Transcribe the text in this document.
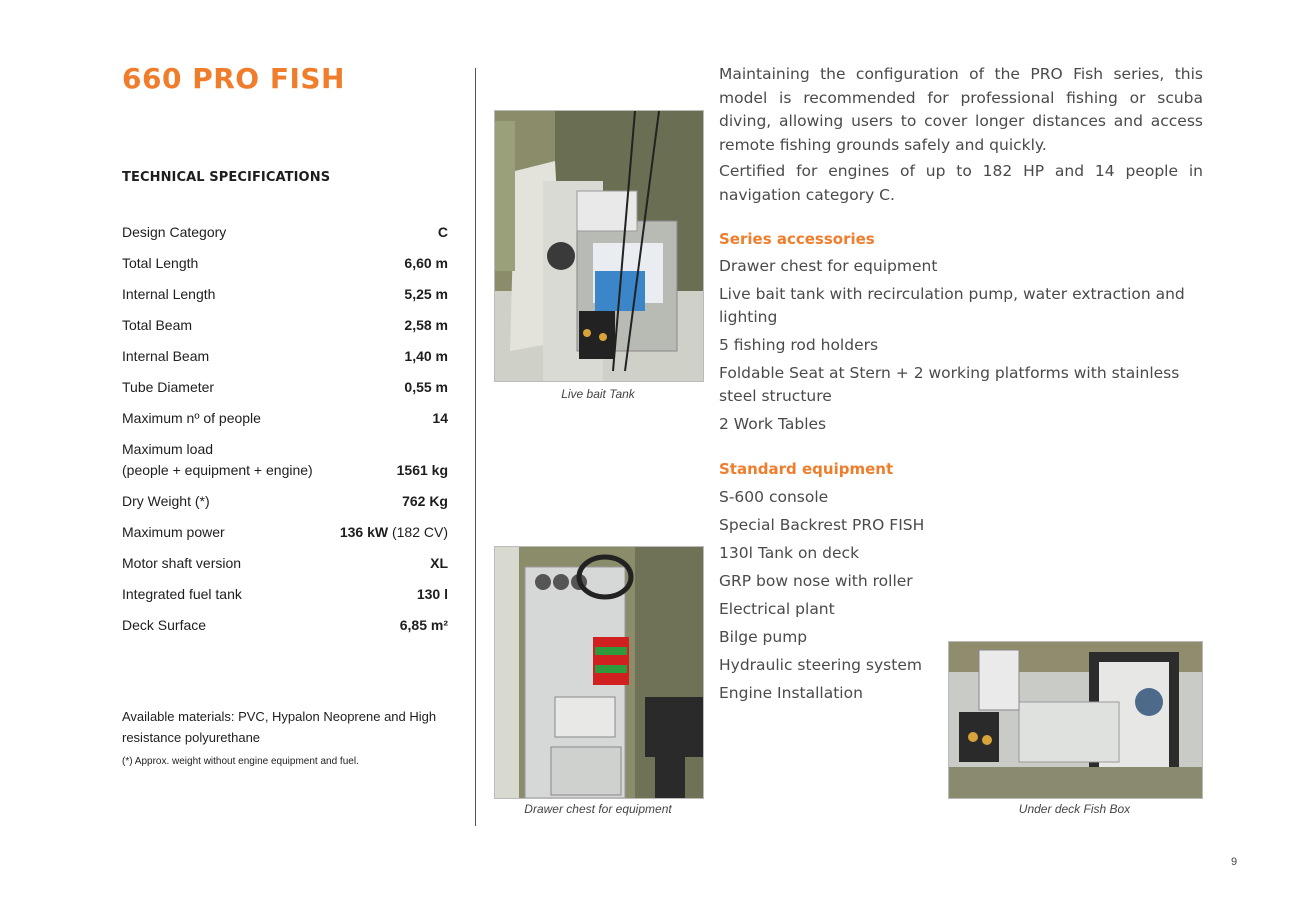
660 PRO FISH
TECHNICAL SPECIFICATIONS
Design Category	C
Total Length	6,60 m
Internal Length	5,25 m
Total Beam	2,58 m
Internal Beam	1,40 m
Tube Diameter	0,55 m
Maximum nº of people	14
Maximum load
(people + equipment + engine)	1561 kg
Dry Weight (*)	762 Kg
Maximum power	136 kW (182 CV)
Motor shaft version	XL
Integrated fuel tank	130 l
Deck Surface	6,85 m²
Available materials: PVC, Hypalon Neoprene and High resistance polyurethane
(*) Approx. weight without engine equipment and fuel.
Live bait Tank
Drawer chest for equipment	Under deck Fish Box

Maintaining the configuration of the PRO Fish series, this model is recommended for professional fishing or scuba diving, allowing users to cover longer distances and access remote fishing grounds safely and quickly.

Certified for engines of up to 182 HP and 14 people in navigation category C.

Series accessories
Drawer chest for equipment
Live bait tank with recirculation pump, water extraction and lighting
5 fishing rod holders
Foldable Seat at Stern + 2 working platforms with stainless steel structure
2 Work Tables
Standard equipment
S-600 console
Special Backrest PRO FISH
130l Tank on deck
GRP bow nose with roller
Electrical plant
Bilge pump
Hydraulic steering system
Engine Installation
9
